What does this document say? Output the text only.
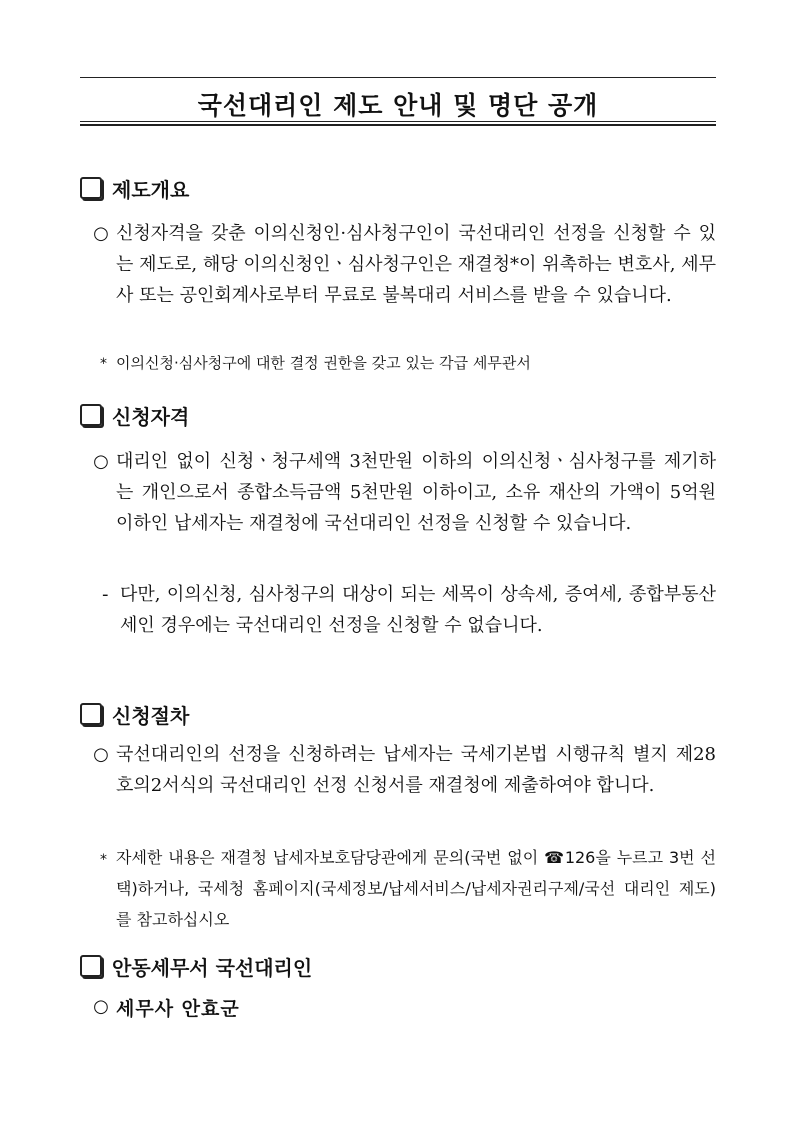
국선대리인 제도 안내 및 명단 공개
제도개요
○ 신청자격을 갖춘 이의신청인·심사청구인이 국선대리인 선정을 신청할 수 있는 제도로, 해당 이의신청인ㆍ심사청구인은 재결청*이 위촉하는 변호사, 세무사 또는 공인회계사로부터 무료로 불복대리 서비스를 받을 수 있습니다.
* 이의신청·심사청구에 대한 결정 권한을 갖고 있는 각급 세무관서
신청자격
○ 대리인 없이 신청ㆍ청구세액 3천만원 이하의 이의신청ㆍ심사청구를 제기하는 개인으로서 종합소득금액 5천만원 이하이고, 소유 재산의 가액이 5억원 이하인 납세자는 재결청에 국선대리인 선정을 신청할 수 있습니다.
- 다만, 이의신청, 심사청구의 대상이 되는 세목이 상속세, 증여세, 종합부동산세인 경우에는 국선대리인 선정을 신청할 수 없습니다.
신청절차
○ 국선대리인의 선정을 신청하려는 납세자는 국세기본법 시행규칙 별지 제28호의2서식의 국선대리인 선정 신청서를 재결청에 제출하여야 합니다.
* 자세한 내용은 재결청 납세자보호담당관에게 문의(국번 없이 ☎126을 누르고 3번 선택)하거나, 국세청 홈페이지(국세정보/납세서비스/납세자권리구제/국선 대리인 제도)를 참고하십시오
안동세무서 국선대리인
○ 세무사 안효군
